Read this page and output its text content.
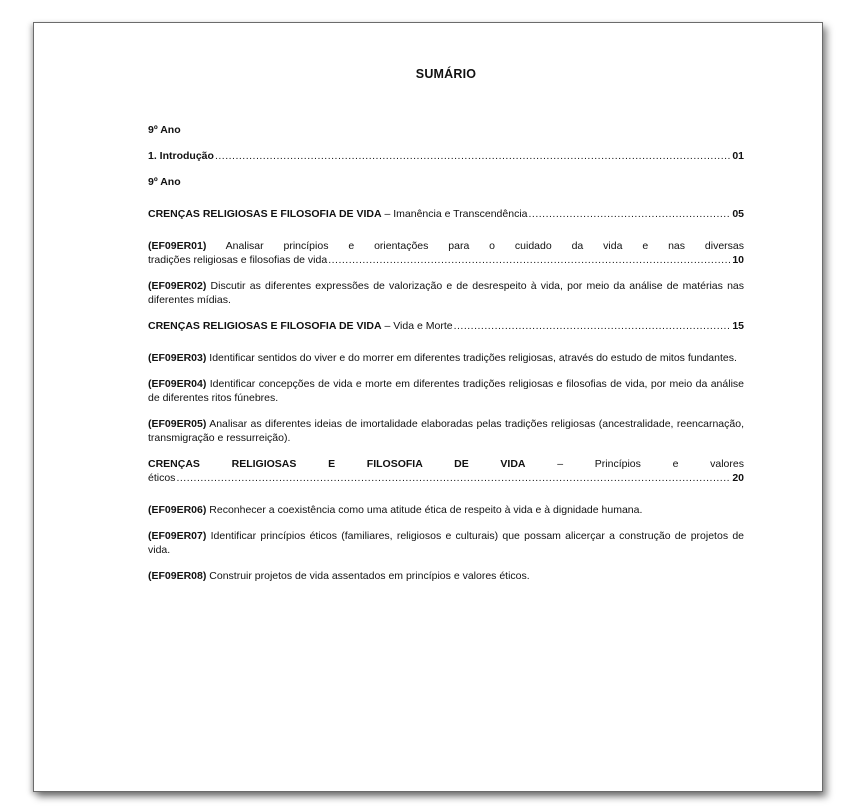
SUMÁRIO
9º Ano
1. Introdução .....	01
9º Ano
CRENÇAS RELIGIOSAS E FILOSOFIA DE VIDA – Imanência e Transcendência .....	05
(EF09ER01) Analisar princípios e orientações para o cuidado da vida e nas diversas
tradições religiosas e filosofias de vida .....	10
(EF09ER02) Discutir as diferentes expressões de valorização e de desrespeito à vida, por meio da análise de matérias nas diferentes mídias.
CRENÇAS RELIGIOSAS E FILOSOFIA DE VIDA – Vida e Morte .....	15
(EF09ER03) Identificar sentidos do viver e do morrer em diferentes tradições religiosas, através do estudo de mitos fundantes.
(EF09ER04) Identificar concepções de vida e morte em diferentes tradições religiosas e filosofias de vida, por meio da análise de diferentes ritos fúnebres.
(EF09ER05) Analisar as diferentes ideias de imortalidade elaboradas pelas tradições religiosas (ancestralidade, reencarnação, transmigração e ressurreição).
CRENÇAS RELIGIOSAS E FILOSOFIA DE VIDA – Princípios e valores
éticos .....	20
(EF09ER06) Reconhecer a coexistência como uma atitude ética de respeito à vida e à dignidade humana.
(EF09ER07) Identificar princípios éticos (familiares, religiosos e culturais) que possam alicerçar a construção de projetos de vida.
(EF09ER08) Construir projetos de vida assentados em princípios e valores éticos.
